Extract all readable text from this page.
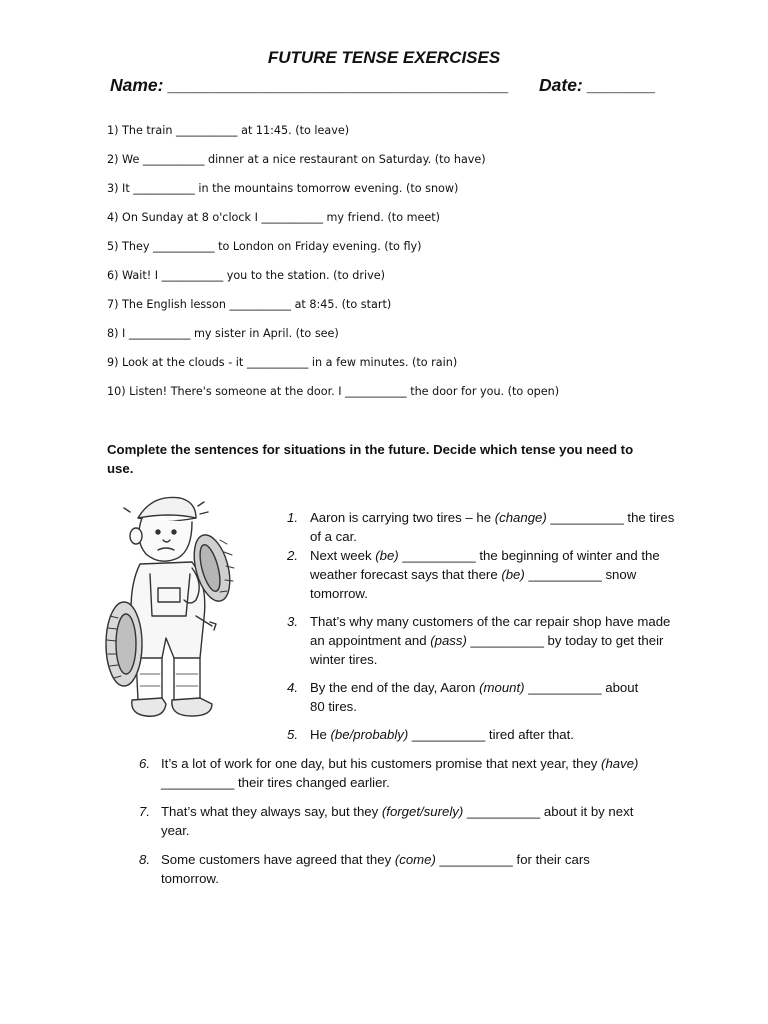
FUTURE TENSE EXERCISES
Name: ___________________________________ Date: _______
1) The train ___________ at 11:45. (to leave)
2) We ___________ dinner at a nice restaurant on Saturday. (to have)
3) It ___________ in the mountains tomorrow evening. (to snow)
4) On Sunday at 8 o'clock I ___________ my friend. (to meet)
5) They ___________ to London on Friday evening. (to fly)
6) Wait! I ___________ you to the station. (to drive)
7) The English lesson ___________ at 8:45. (to start)
8) I ___________ my sister in April. (to see)
9) Look at the clouds - it ___________ in a few minutes. (to rain)
10) Listen! There's someone at the door. I ___________ the door for you. (to open)
Complete the sentences for situations in the future. Decide which tense you need to use.
1. Aaron is carrying two tires – he (change) __________ the tires of a car.
2. Next week (be) __________ the beginning of winter and the weather forecast says that there (be) __________ snow tomorrow.
3. That’s why many customers of the car repair shop have made an appointment and (pass) __________ by today to get their winter tires.
4. By the end of the day, Aaron (mount) __________ about 80 tires.
5. He (be/probably) __________ tired after that.
6. It’s a lot of work for one day, but his customers promise that next year, they (have) __________ their tires changed earlier.
7. That’s what they always say, but they (forget/surely) __________ about it by next year.
8. Some customers have agreed that they (come) __________ for their cars tomorrow.
